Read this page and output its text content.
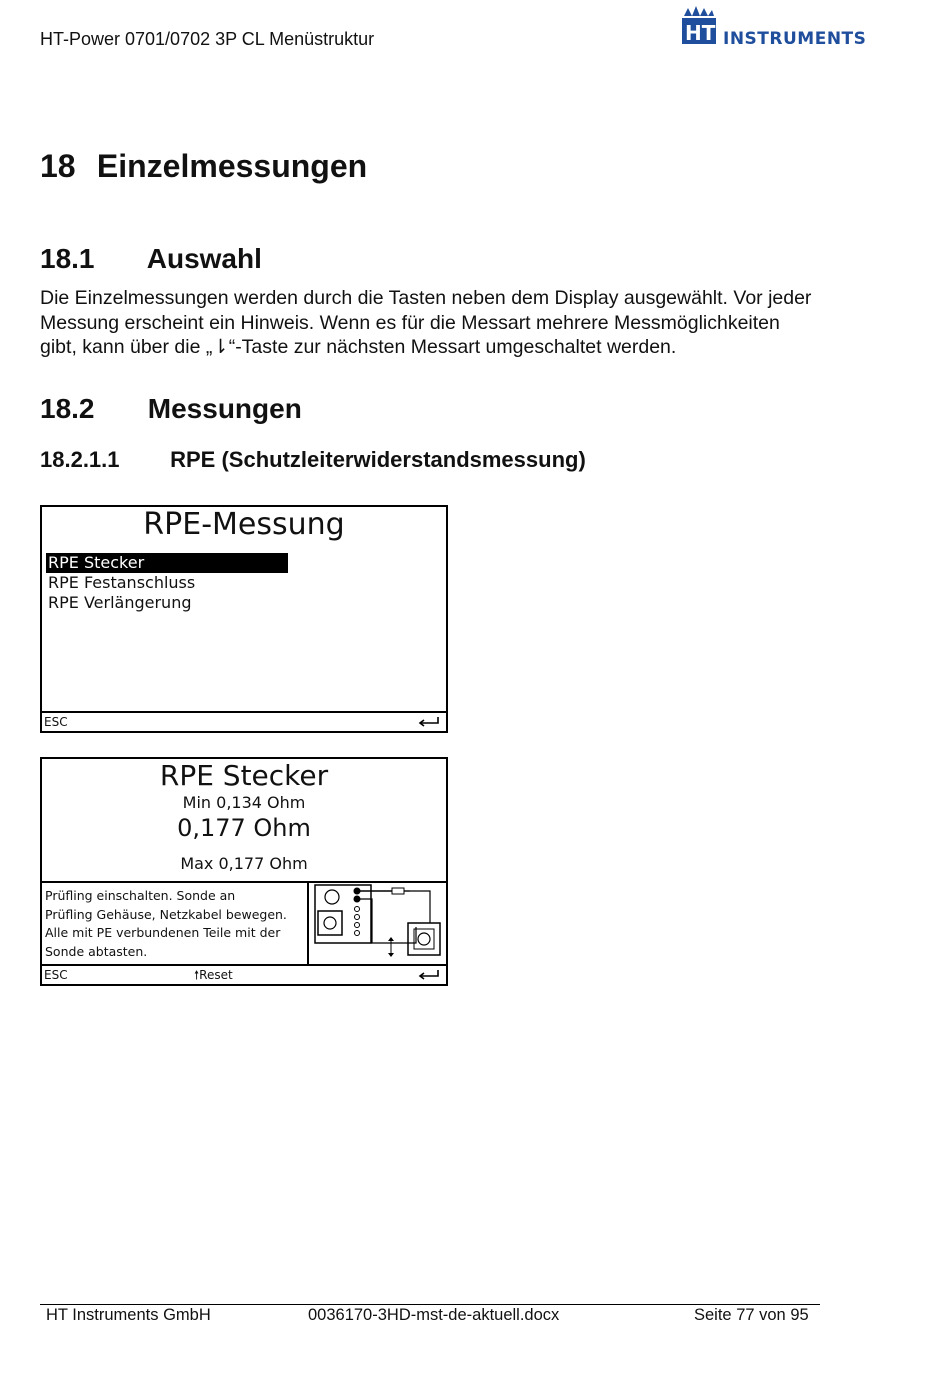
HT-Power 0701/0702 3P CL Menüstruktur	HT INSTRUMENTS
18 Einzelmessungen
18.1 Auswahl
Die Einzelmessungen werden durch die Tasten neben dem Display ausgewählt. Vor jeder
Messung erscheint ein Hinweis. Wenn es für die Messart mehrere Messmöglichkeiten
gibt, kann über die „⇂“-Taste zur nächsten Messart umgeschaltet werden.
18.2 Messungen
18.2.1.1 RPE (Schutzleiterwiderstandsmessung)
RPE-Messung
RPE Stecker
RPE Festanschluss
RPE Verlängerung
ESC
RPE Stecker
Min 0,134 Ohm
0,177 Ohm
Max 0,177 Ohm
Prüfling einschalten. Sonde an
Prüfling Gehäuse, Netzkabel bewegen.
Alle mit PE verbundenen Teile mit der
Sonde abtasten.
ESC	🠕Reset
HT Instruments GmbH	0036170-3HD-mst-de-aktuell.docx	Seite 77 von 95
